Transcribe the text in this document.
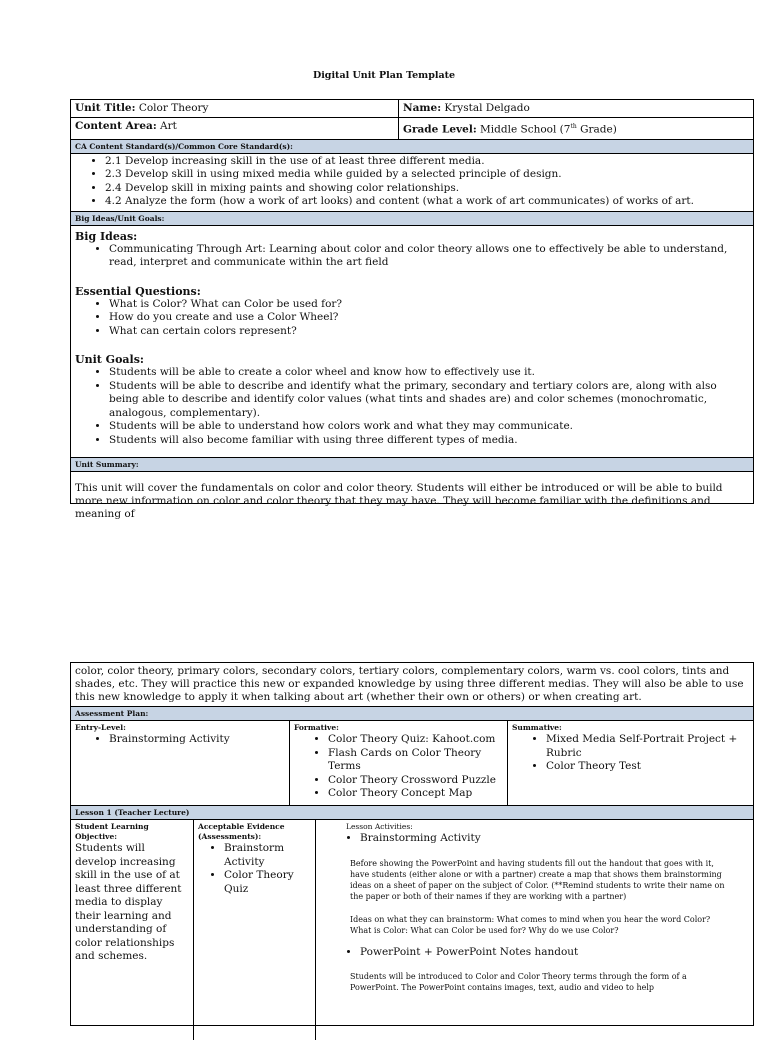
Digital Unit Plan Template
Unit Title: Color Theory	Name: Krystal Delgado
Content Area: Art	Grade Level: Middle School (7th Grade)
CA Content Standard(s)/Common Core Standard(s):
• 2.1 Develop increasing skill in the use of at least three different media.
• 2.3 Develop skill in using mixed media while guided by a selected principle of design.
• 2.4 Develop skill in mixing paints and showing color relationships.
• 4.2 Analyze the form (how a work of art looks) and content (what a work of art communicates) of works of art.
Big Ideas/Unit Goals:
Big Ideas:
• Communicating Through Art: Learning about color and color theory allows one to effectively be able to understand, read, interpret and communicate within the art field
Essential Questions:
• What is Color? What can Color be used for?
• How do you create and use a Color Wheel?
• What can certain colors represent?
Unit Goals:
• Students will be able to create a color wheel and know how to effectively use it.
• Students will be able to describe and identify what the primary, secondary and tertiary colors are, along with also being able to describe and identify color values (what tints and shades are) and color schemes (monochromatic, analogous, complementary).
• Students will be able to understand how colors work and what they may communicate.
• Students will also become familiar with using three different types of media.
Unit Summary:
This unit will cover the fundamentals on color and color theory. Students will either be introduced or will be able to build more new information on color and color theory that they may have. They will become familiar with the definitions and meaning of
color, color theory, primary colors, secondary colors, tertiary colors, complementary colors, warm vs. cool colors, tints and shades, etc. They will practice this new or expanded knowledge by using three different medias. They will also be able to use this new knowledge to apply it when talking about art (whether their own or others) or when creating art.
Assessment Plan:
Entry-Level:
• Brainstorming Activity
Formative:
• Color Theory Quiz: Kahoot.com
• Flash Cards on Color Theory Terms
• Color Theory Crossword Puzzle
• Color Theory Concept Map
Summative:
• Mixed Media Self-Portrait Project + Rubric
• Color Theory Test
Lesson 1 (Teacher Lecture)
Student Learning Objective:
Students will develop increasing skill in the use of at least three different media to display their learning and understanding of color relationships and schemes.
Acceptable Evidence (Assessments):
• Brainstorm Activity
• Color Theory Quiz
Lesson Activities:
• Brainstorming Activity
Before showing the PowerPoint and having students fill out the handout that goes with it, have students (either alone or with a partner) create a map that shows them brainstorming ideas on a sheet of paper on the subject of Color. (**Remind students to write their name on the paper or both of their names if they are working with a partner)
Ideas on what they can brainstorm: What comes to mind when you hear the word Color? What is Color: What can Color be used for? Why do we use Color?
• PowerPoint + PowerPoint Notes handout
Students will be introduced to Color and Color Theory terms through the form of a PowerPoint. The PowerPoint contains images, text, audio and video to help
